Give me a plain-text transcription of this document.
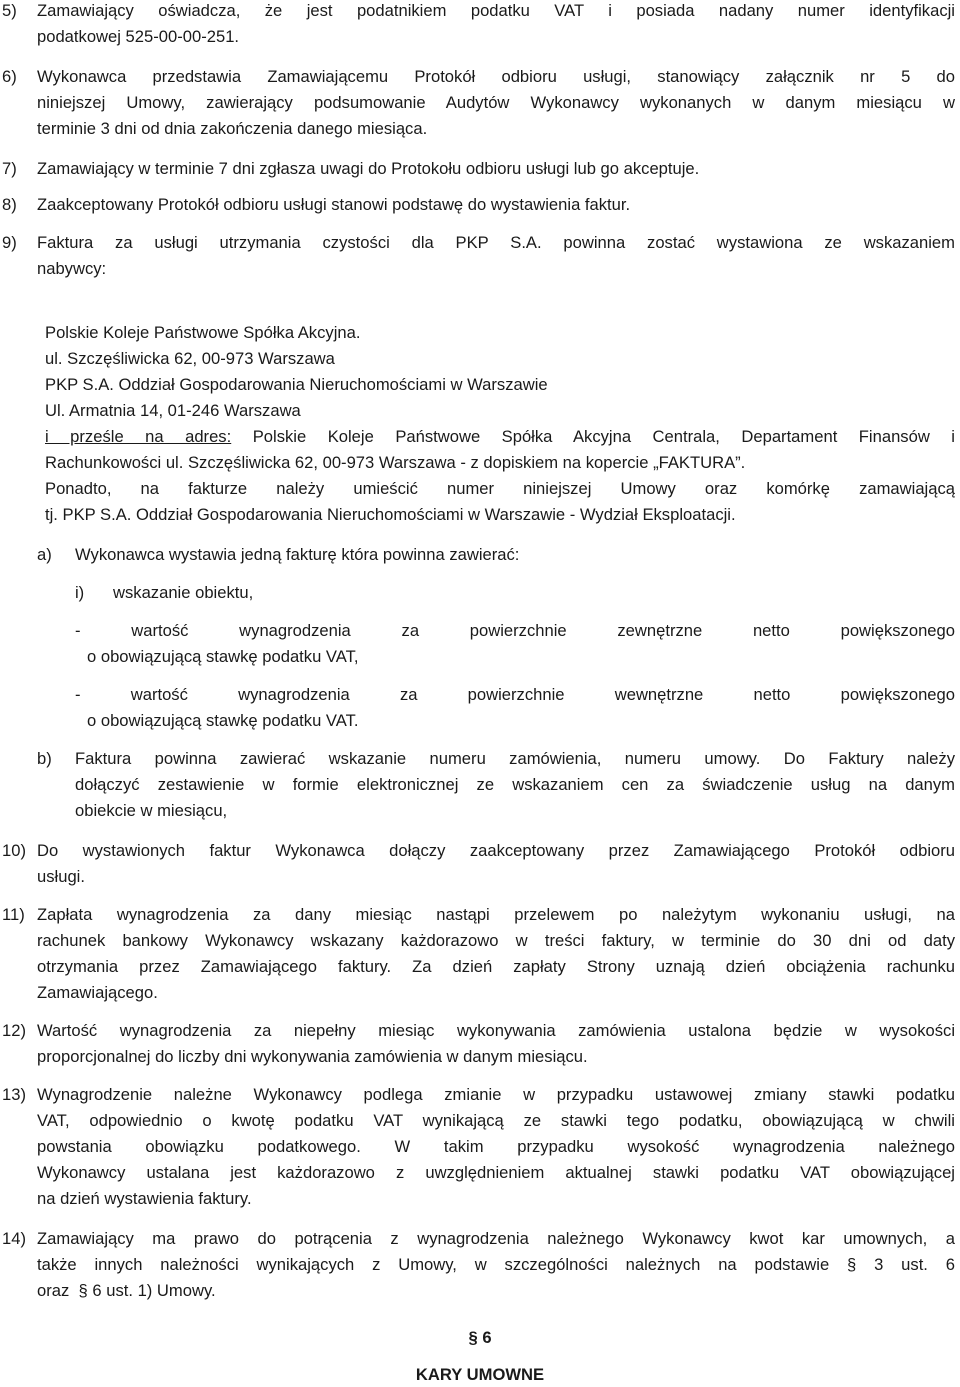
5) Zamawiający oświadcza, że jest podatnikiem podatku VAT i posiada nadany numer identyfikacji
podatkowej 525-00-00-251.
6) Wykonawca przedstawia Zamawiającemu Protokół odbioru usługi, stanowiący załącznik nr 5 do
niniejszej Umowy, zawierający podsumowanie Audytów Wykonawcy wykonanych w danym miesiącu w
terminie 3 dni od dnia zakończenia danego miesiąca.
7) Zamawiający w terminie 7 dni zgłasza uwagi do Protokołu odbioru usługi lub go akceptuje.
8) Zaakceptowany Protokół odbioru usługi stanowi podstawę do wystawienia faktur.
9) Faktura za usługi utrzymania czystości dla PKP S.A. powinna zostać wystawiona ze wskazaniem
nabywcy:
Polskie Koleje Państwowe Spółka Akcyjna.
ul. Szczęśliwicka 62, 00-973 Warszawa
PKP S.A. Oddział Gospodarowania Nieruchomościami w Warszawie
Ul. Armatnia 14, 01-246 Warszawa
i prześle na adres: Polskie Koleje Państwowe Spółka Akcyjna Centrala, Departament Finansów i
Rachunkowości ul. Szczęśliwicka 62, 00-973 Warszawa - z dopiskiem na kopercie „FAKTURA”.
Ponadto, na fakturze należy umieścić numer niniejszej Umowy oraz komórkę zamawiającą
tj. PKP S.A. Oddział Gospodarowania Nieruchomościami w Warszawie - Wydział Eksploatacji.
a) Wykonawca wystawia jedną fakturę która powinna zawierać:
i) wskazanie obiektu,
- wartość wynagrodzenia za powierzchnie zewnętrzne netto powiększonego
o obowiązującą stawkę podatku VAT,
- wartość wynagrodzenia za powierzchnie wewnętrzne netto powiększonego
o obowiązującą stawkę podatku VAT.
b) Faktura powinna zawierać wskazanie numeru zamówienia, numeru umowy. Do Faktury należy
dołączyć zestawienie w formie elektronicznej ze wskazaniem cen za świadczenie usług na danym
obiekcie w miesiącu,
10) Do wystawionych faktur Wykonawca dołączy zaakceptowany przez Zamawiającego Protokół odbioru
usługi.
11) Zapłata wynagrodzenia za dany miesiąc nastąpi przelewem po należytym wykonaniu usługi, na
rachunek bankowy Wykonawcy wskazany każdorazowo w treści faktury, w terminie do 30 dni od daty
otrzymania przez Zamawiającego faktury. Za dzień zapłaty Strony uznają dzień obciążenia rachunku
Zamawiającego.
12) Wartość wynagrodzenia za niepełny miesiąc wykonywania zamówienia ustalona będzie w wysokości
proporcjonalnej do liczby dni wykonywania zamówienia w danym miesiącu.
13) Wynagrodzenie należne Wykonawcy podlega zmianie w przypadku ustawowej zmiany stawki podatku
VAT, odpowiednio o kwotę podatku VAT wynikającą ze stawki tego podatku, obowiązującą w chwili
powstania obowiązku podatkowego. W takim przypadku wysokość wynagrodzenia należnego
Wykonawcy ustalana jest każdorazowo z uwzględnieniem aktualnej stawki podatku VAT obowiązującej
na dzień wystawienia faktury.
14) Zamawiający ma prawo do potrącenia z wynagrodzenia należnego Wykonawcy kwot kar umownych, a
także innych należności wynikających z Umowy, w szczególności należnych na podstawie § 3 ust. 6
oraz § 6 ust. 1) Umowy.
§ 6
KARY UMOWNE
